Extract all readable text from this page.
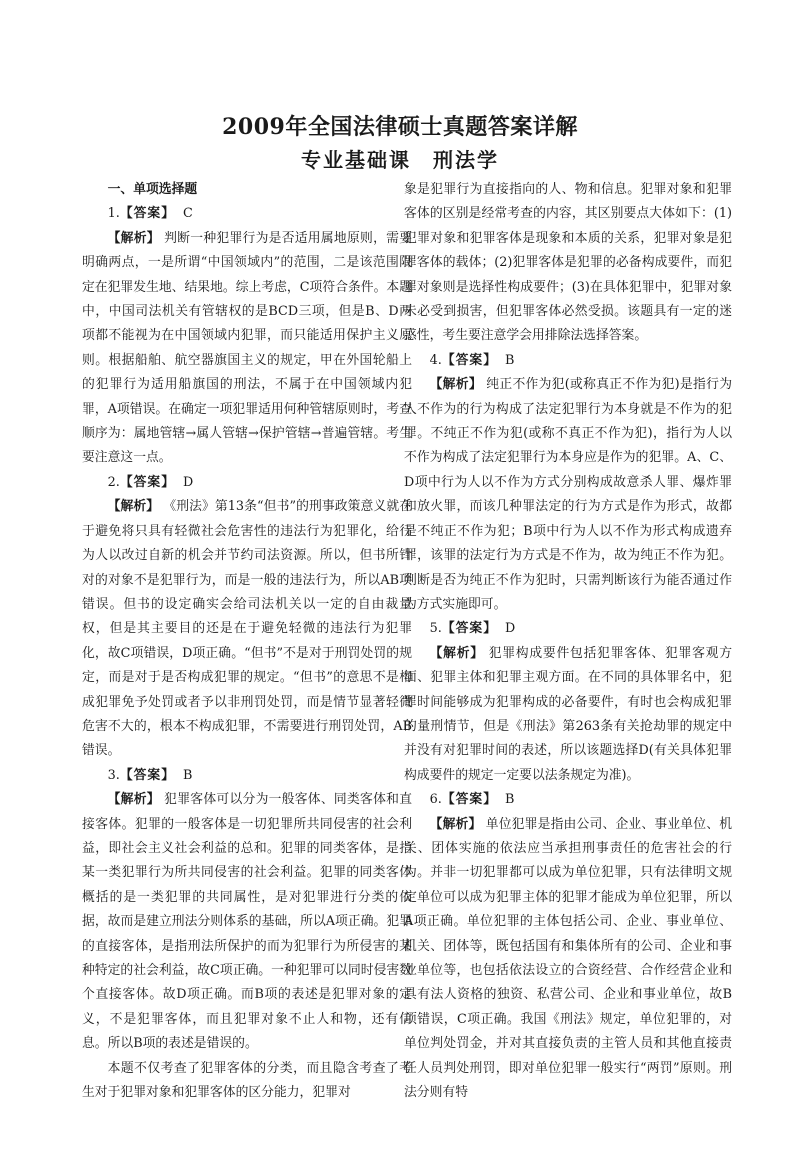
2009年全国法律硕士真题答案详解
专业基础课　刑法学

一、单项选择题

1.【答案】 C

【解析】 判断一种犯罪行为是否适用属地原则，需要明确两点，一是所谓“中国领域内”的范围，二是该范围限定在犯罪发生地、结果地。综上考虑，C项符合条件。本题中，中国司法机关有管辖权的是BCD三项，但是B、D两项都不能视为在中国领域内犯罪，而只能适用保护主义原则。根据船舶、航空器旗国主义的规定，甲在外国轮船上的犯罪行为适用船旗国的刑法，不属于在中国领域内犯罪，A项错误。在确定一项犯罪适用何种管辖原则时，考查顺序为：属地管辖→属人管辖→保护管辖→普遍管辖。考生要注意这一点。

2.【答案】 D

【解析】 《刑法》第13条“但书”的刑事政策意义就在于避免将只具有轻微社会危害性的违法行为犯罪化，给行为人以改过自新的机会并节约司法资源。所以，但书所针对的对象不是犯罪行为，而是一般的违法行为，所以AB项错误。但书的设定确实会给司法机关以一定的自由裁量权，但是其主要目的还是在于避免轻微的违法行为犯罪化，故C项错误，D项正确。“但书”不是对于刑罚处罚的规定，而是对于是否构成犯罪的规定。“但书”的意思不是构成犯罪免予处罚或者予以非刑罚处罚，而是情节显著轻微危害不大的，根本不构成犯罪，不需要进行刑罚处罚，AB错误。

3.【答案】 B

【解析】 犯罪客体可以分为一般客体、同类客体和直接客体。犯罪的一般客体是一切犯罪所共同侵害的社会利益，即社会主义社会利益的总和。犯罪的同类客体，是指某一类犯罪行为所共同侵害的社会利益。犯罪的同类客体概括的是一类犯罪的共同属性，是对犯罪进行分类的依据，故而是建立刑法分则体系的基础，所以A项正确。犯罪的直接客体，是指刑法所保护的而为犯罪行为所侵害的某种特定的社会利益，故C项正确。一种犯罪可以同时侵害数个直接客体。故D项正确。而B项的表述是犯罪对象的定义，不是犯罪客体，而且犯罪对象不止人和物，还有信息。所以B项的表述是错误的。

本题不仅考查了犯罪客体的分类，而且隐含考查了考生对于犯罪对象和犯罪客体的区分能力，犯罪对

象是犯罪行为直接指向的人、物和信息。犯罪对象和犯罪客体的区别是经常考查的内容，其区别要点大体如下：(1)犯罪对象和犯罪客体是现象和本质的关系，犯罪对象是犯罪客体的载体；(2)犯罪客体是犯罪的必备构成要件，而犯罪对象则是选择性构成要件；(3)在具体犯罪中，犯罪对象未必受到损害，但犯罪客体必然受损。该题具有一定的迷惑性，考生要注意学会用排除法选择答案。

4.【答案】 B

【解析】 纯正不作为犯(或称真正不作为犯)是指行为人不作为的行为构成了法定犯罪行为本身就是不作为的犯罪。不纯正不作为犯(或称不真正不作为犯)，指行为人以不作为构成了法定犯罪行为本身应是作为的犯罪。A、C、D项中行为人以不作为方式分别构成故意杀人罪、爆炸罪和放火罪，而该几种罪法定的行为方式是作为形式，故都是不纯正不作为犯；B项中行为人以不作为形式构成遗弃罪，该罪的法定行为方式是不作为，故为纯正不作为犯。判断是否为纯正不作为犯时，只需判断该行为能否通过作为方式实施即可。

5.【答案】 D

【解析】 犯罪构成要件包括犯罪客体、犯罪客观方面、犯罪主体和犯罪主观方面。在不同的具体罪名中，犯罪时间能够成为犯罪构成的必备要件，有时也会构成犯罪的量刑情节，但是《刑法》第263条有关抢劫罪的规定中并没有对犯罪时间的表述，所以该题选择D(有关具体犯罪构成要件的规定一定要以法条规定为准)。

6.【答案】 B

【解析】 单位犯罪是指由公司、企业、事业单位、机关、团体实施的依法应当承担刑事责任的危害社会的行为。并非一切犯罪都可以成为单位犯罪，只有法律明文规定单位可以成为犯罪主体的犯罪才能成为单位犯罪，所以A项正确。单位犯罪的主体包括公司、企业、事业单位、机关、团体等，既包括国有和集体所有的公司、企业和事业单位等，也包括依法设立的合资经营、合作经营企业和具有法人资格的独资、私营公司、企业和事业单位，故B项错误，C项正确。我国《刑法》规定，单位犯罪的，对单位判处罚金，并对其直接负责的主管人员和其他直接责任人员判处刑罚，即对单位犯罪一般实行“两罚”原则。刑法分则有特
